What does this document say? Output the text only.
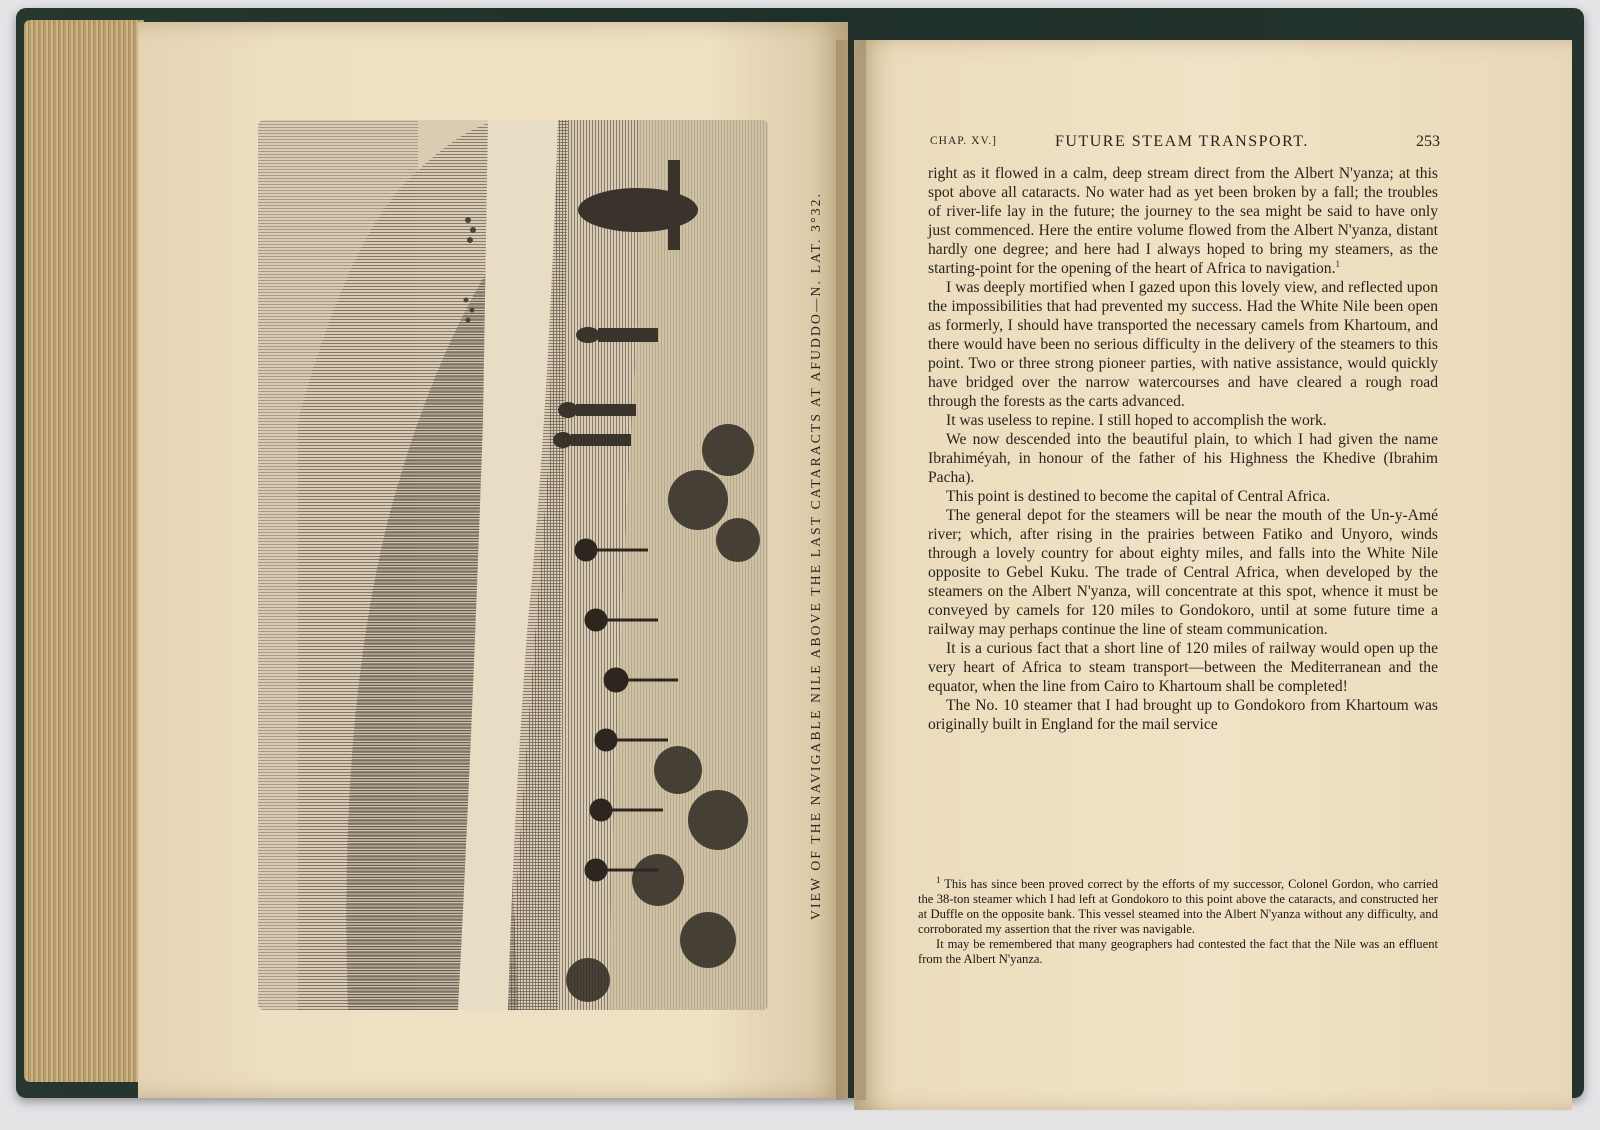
VIEW OF THE NAVIGABLE NILE ABOVE THE LAST CATARACTS AT AFUDDO—N. LAT. 3°32.
CHAP. XV.]	FUTURE STEAM TRANSPORT.	253

right as it flowed in a calm, deep stream direct from the Albert N'yanza; at this spot above all cataracts. No water had as yet been broken by a fall; the troubles of river-life lay in the future; the journey to the sea might be said to have only just commenced. Here the entire volume flowed from the Albert N'yanza, distant hardly one degree; and here had I always hoped to bring my steamers, as the starting-point for the opening of the heart of Africa to navigation.$^1$

I was deeply mortified when I gazed upon this lovely view, and reflected upon the impossibilities that had prevented my success. Had the White Nile been open as formerly, I should have transported the necessary camels from Khartoum, and there would have been no serious difficulty in the delivery of the steamers to this point. Two or three strong pioneer parties, with native assistance, would quickly have bridged over the narrow watercourses and have cleared a rough road through the forests as the carts advanced.

It was useless to repine. I still hoped to accomplish the work.

We now descended into the beautiful plain, to which I had given the name Ibrahiméyah, in honour of the father of his Highness the Khedive (Ibrahim Pacha).

This point is destined to become the capital of Central Africa.

The general depot for the steamers will be near the mouth of the Un-y-Amé river; which, after rising in the prairies between Fatiko and Unyoro, winds through a lovely country for about eighty miles, and falls into the White Nile opposite to Gebel Kuku. The trade of Central Africa, when developed by the steamers on the Albert N'yanza, will concentrate at this spot, whence it must be conveyed by camels for 120 miles to Gondokoro, until at some future time a railway may perhaps continue the line of steam communication.

It is a curious fact that a short line of 120 miles of railway would open up the very heart of Africa to steam transport—between the Mediterranean and the equator, when the line from Cairo to Khartoum shall be completed!

The No. 10 steamer that I had brought up to Gondokoro from Khartoum was originally built in England for the mail service

$^1$ This has since been proved correct by the efforts of my successor, Colonel Gordon, who carried the 38-ton steamer which I had left at Gondokoro to this point above the cataracts, and constructed her at Duffle on the opposite bank. This vessel steamed into the Albert N'yanza without any difficulty, and corroborated my assertion that the river was navigable.

It may be remembered that many geographers had contested the fact that the Nile was an effluent from the Albert N'yanza.
